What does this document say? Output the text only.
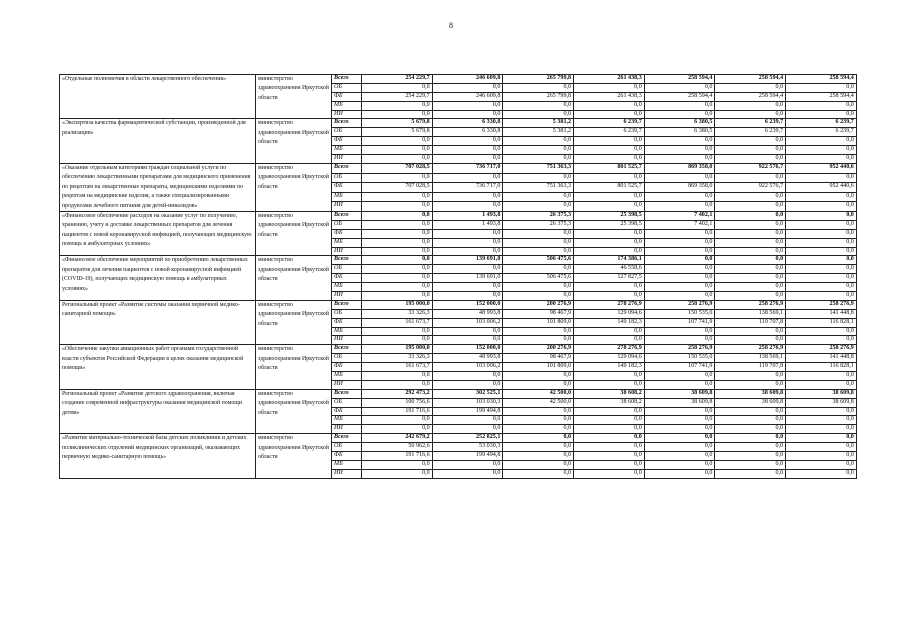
8
«Отдельные полномочия в области лекарственного обеспечения»	министерство здравоохранения Иркутской области	Всего	254 229,7	246 609,8	265 799,8	261 438,3	258 594,4	258 594,4	258 594,4
		ОБ	0,0	0,0	0,0	0,0	0,0	0,0	0,0
		ФБ	254 229,7	246 609,8	265 799,8	261 438,3	258 594,4	258 594,4	258 594,4
		МБ	0,0	0,0	0,0	0,0	0,0	0,0	0,0
		ИИ	0,0	0,0	0,0	0,0	0,0	0,0	0,0
«Экспертиза качества фармацевтической субстанции, произведенной для реализации»	министерство здравоохранения Иркутской области	Всего	5 679,8	6 330,8	5 381,2	6 239,7	6 380,5	6 239,7	6 239,7
		ОБ	5 679,8	6 330,8	5 381,2	6 239,7	6 380,5	6 239,7	6 239,7
		ФБ	0,0	0,0	0,0	0,0	0,0	0,0	0,0
		МБ	0,0	0,0	0,0	0,0	0,0	0,0	0,0
		ИИ	0,0	0,0	0,0	0,0	0,0	0,0	0,0
«Оказание отдельным категориям граждан социальной услуги по обеспечению лекарственными препаратами для медицинского применения по рецептам на лекарственные препараты, медицинскими изделиями по рецептам на медицинские изделия, а также специализированными продуктами лечебного питания для детей-инвалидов»	министерство здравоохранения Иркутской области	Всего	707 028,5	736 717,0	751 363,3	801 525,7	869 358,0	922 576,7	952 440,6
		ОБ	0,0	0,0	0,0	0,0	0,0	0,0	0,0
		ФБ	707 028,5	736 717,0	751 363,3	801 525,7	869 358,0	922 576,7	952 440,6
		МБ	0,0	0,0	0,0	0,0	0,0	0,0	0,0
		ИИ	0,0	0,0	0,0	0,0	0,0	0,0	0,0
«Финансовое обеспечение расходов на оказание услуг по получению, хранению, учету и доставке лекарственных препаратов для лечения пациентов с новой коронавирусной инфекцией, получающих медицинскую помощь в амбулаторных условиях»	министерство здравоохранения Иркутской области	Всего	0,0	1 493,8	26 375,3	25 398,5	7 402,1	0,0	0,0
		ОБ	0,0	1 493,8	26 375,3	25 398,5	7 402,1	0,0	0,0
		ФБ	0,0	0,0	0,0	0,0	0,0	0,0	0,0
		МБ	0,0	0,0	0,0	0,0	0,0	0,0	0,0
		ИИ	0,0	0,0	0,0	0,0	0,0	0,0	0,0
«Финансовое обеспечение мероприятий по приобретению лекарственных препаратов для лечения пациентов с новой коронавирусной инфекцией (COVID-19), получающих медицинскую помощь в амбулаторных условиях»	министерство здравоохранения Иркутской области	Всего	0,0	139 691,0	506 475,6	174 386,1	0,0	0,0	0,0
		ОБ	0,0	0,0	0,0	46 558,6	0,0	0,0	0,0
		ФБ	0,0	139 691,0	506 475,6	127 827,5	0,0	0,0	0,0
		МБ	0,0	0,0	0,0	0,0	0,0	0,0	0,0
		ИИ	0,0	0,0	0,0	0,0	0,0	0,0	0,0
Региональный проект «Развитие системы оказания первичной медико-санитарной помощи»	министерство здравоохранения Иркутской области	Всего	195 000,0	152 000,0	200 276,9	278 276,9	258 276,9	258 276,9	258 276,9
		ОБ	33 326,3	48 993,8	98 467,9	129 094,6	150 535,0	138 569,1	141 448,8
		ФБ	161 673,7	103 006,2	101 809,0	149 182,3	107 741,9	119 707,8	116 828,1
		МБ	0,0	0,0	0,0	0,0	0,0	0,0	0,0
		ИИ	0,0	0,0	0,0	0,0	0,0	0,0	0,0
«Обеспечение закупки авиационных работ органами государственной власти субъектов Российской Федерации в целях оказания медицинской помощи»	министерство здравоохранения Иркутской области	Всего	195 000,0	152 000,0	200 276,9	278 276,9	258 276,9	258 276,9	258 276,9
		ОБ	33 326,3	48 993,8	98 467,9	129 094,6	150 535,0	138 569,1	141 448,8
		ФБ	161 673,7	103 006,2	101 809,0	149 182,3	107 741,9	119 707,8	116 828,1
		МБ	0,0	0,0	0,0	0,0	0,0	0,0	0,0
		ИИ	0,0	0,0	0,0	0,0	0,0	0,0	0,0
Региональный проект «Развитие детского здравоохранения, включая создание современной инфраструктуры оказания медицинской помощи детям»	министерство здравоохранения Иркутской области	Всего	292 473,2	302 525,1	42 500,0	38 608,2	38 609,8	38 609,8	38 609,8
		ОБ	100 756,6	103 030,3	42 500,0	38 608,2	38 609,8	38 609,8	38 609,8
		ФБ	191 716,6	199 494,8	0,0	0,0	0,0	0,0	0,0
		МБ	0,0	0,0	0,0	0,0	0,0	0,0	0,0
		ИИ	0,0	0,0	0,0	0,0	0,0	0,0	0,0
«Развитие материально-технической базы детских поликлиник и детских поликлинических отделений медицинских организаций, оказывающих первичную медико-санитарную помощь»	министерство здравоохранения Иркутской области	Всего	242 679,2	252 825,1	0,0	0,0	0,0	0,0	0,0
		ОБ	50 962,6	53 030,3	0,0	0,0	0,0	0,0	0,0
		ФБ	191 716,6	199 494,8	0,0	0,0	0,0	0,0	0,0
		МБ	0,0	0,0	0,0	0,0	0,0	0,0	0,0
		ИИ	0,0	0,0	0,0	0,0	0,0	0,0	0,0
